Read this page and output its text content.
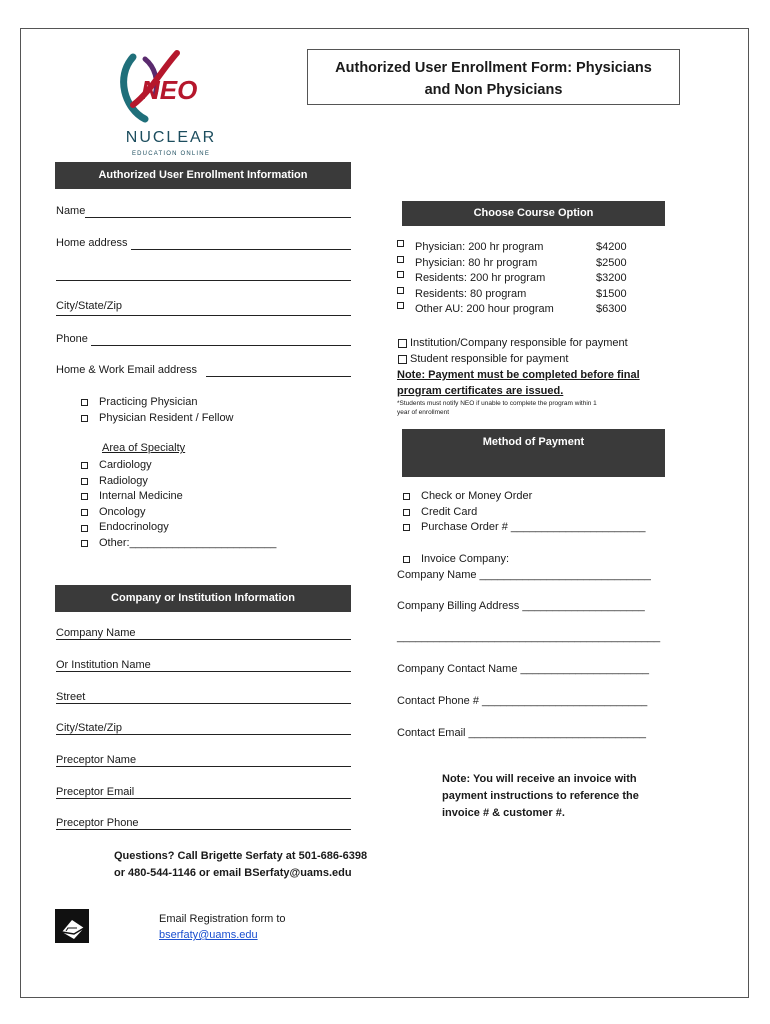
NEO
NUCLEAR
EDUCATION ONLINE
Authorized User Enrollment Form: Physicians
and Non Physicians
Authorized User Enrollment Information
Name
Home address
City/State/Zip
Phone
Home & Work Email address
Practicing Physician
Physician Resident / Fellow
Area of Specialty
Cardiology
Radiology
Internal Medicine
Oncology
Endocrinology
Other:________________________
Company or Institution Information
Company Name
Or Institution Name
Street
City/State/Zip
Preceptor Name
Preceptor Email
Preceptor Phone
Choose Course Option
Physician: 200 hr program	$4200
Physician: 80 hr program	$2500
Residents: 200 hr program	$3200
Residents: 80 program	$1500
Other AU: 200 hour program	$6300
Institution/Company responsible for payment
Student responsible for payment
Note: Payment must be completed before final
program certificates are issued.
*Students must notify NEO if unable to complete the program within 1
year of enrollment
Method of Payment
Check or Money Order
Credit Card
Purchase Order # ______________________
Invoice Company:
Company Name ____________________________
Company Billing Address ____________________
___________________________________________
Company Contact Name _____________________
Contact Phone # ___________________________
Contact Email _____________________________
Note: You will receive an invoice with
payment instructions to reference the
invoice # & customer #.
Questions? Call Brigette Serfaty at 501-686-6398
or 480-544-1146 or email BSerfaty@uams.edu
Email Registration form to
bserfaty@uams.edu
